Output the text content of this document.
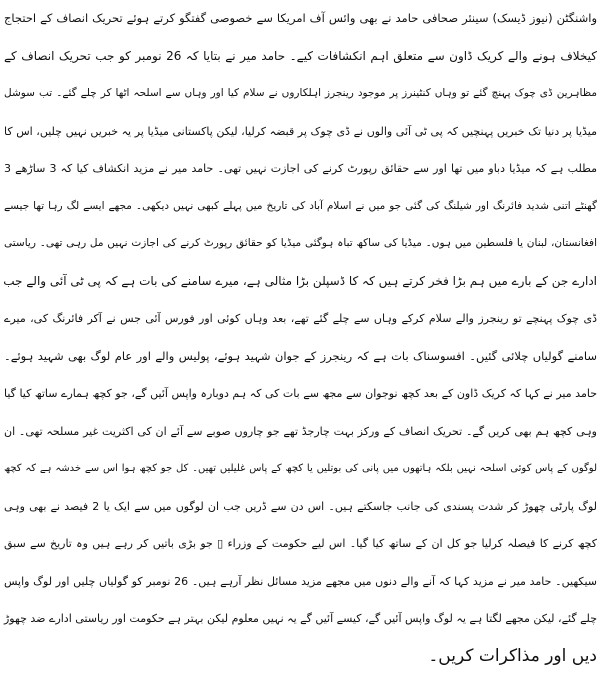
واشنگٹن (نیوز ڈیسک) سینئر صحافی حامد نے بھی وائس آف امریکا سے خصوصی گفتگو کرتے ہوئے تحریک انصاف کے احتجاج
کیخلاف ہونے والے کریک ڈاون سے متعلق اہم انکشافات کیے۔ حامد میر نے بتایا کہ 26 نومبر کو جب تحریک انصاف کے
مظاہرین ڈی چوک پہنچ گئے تو وہاں کنٹینرز پر موجود رینجرز اہلکاروں نے سلام کیا اور وہاں سے اسلحہ اٹھا کر چلے گئے۔ تب سوشل
میڈیا پر دنیا تک خبریں پہنچیں کہ پی ٹی آئی والوں نے ڈی چوک پر قبضہ کرلیا، لیکن پاکستانی میڈیا پر یہ خبریں نہیں چلیں، اس کا
مطلب ہے کہ میڈیا دباو میں تھا اور سے حقائق رپورٹ کرنے کی اجازت نہیں تھی۔ حامد میر نے مزید انکشاف کیا کہ 3 ساڑھے 3
گھنٹے اتنی شدید فائرنگ اور شیلنگ کی گئی جو میں نے اسلام آباد کی تاریخ میں پہلے کبھی نہیں دیکھی۔ مجھے ایسے لگ رہا تھا جیسے
افغانستان، لبنان یا فلسطین میں ہوں۔ میڈیا کی ساکھ تباہ ہوگئی میڈیا کو حقائق رپورٹ کرنے کی اجازت نہیں مل رہی تھی۔ ریاستی
ادارے جن کے بارے میں ہم بڑا فخر کرتے ہیں کہ کا ڈسپلن بڑا مثالی ہے، میرے سامنے کی بات ہے کہ پی ٹی آئی والے جب
ڈی چوک پہنچے تو رینجرز والے سلام کرکے وہاں سے چلے گئے تھے، بعد وہاں کوئی اور فورس آئی جس نے آکر فائرنگ کی، میرے
سامنے گولیاں چلائی گئیں۔ افسوسناک بات ہے کہ رینجرز کے جوان شہید ہوئے، پولیس والے اور عام لوگ بھی شہید ہوئے۔
حامد میر نے کہا کہ کریک ڈاون کے بعد کچھ نوجوان سے مجھ سے بات کی کہ ہم دوبارہ واپس آئیں گے، جو کچھ ہمارے ساتھ کیا گیا
وہی کچھ ہم بھی کریں گے۔ تحریک انصاف کے ورکز بہت چارجڈ تھے جو چاروں صوبے سے آئے ان کی اکثریت غیر مسلحہ تھی۔ ان
لوگوں کے پاس کوئی اسلحہ نہیں بلکہ ہاتھوں میں پانی کی بوتلیں یا کچھ کے پاس غلیلیں تھیں۔ کل جو کچھ ہوا اس سے خدشہ ہے کہ کچھ
لوگ پارٹی چھوڑ کر شدت پسندی کی جانب جاسکتے ہیں۔ اس دن سے ڈریں جب ان لوگوں میں سے ایک یا 2 فیصد نے بھی وہی
کچھ کرنے کا فیصلہ کرلیا جو کل ان کے ساتھ کیا گیا۔ اس لیے حکومت کے وزراء ▯ جو بڑی باتیں کر رہے ہیں وہ تاریخ سے سبق
سیکھیں۔ حامد میر نے مزید کہا کہ آنے والے دنوں میں مجھے مزید مسائل نظر آرہے ہیں۔ 26 نومبر کو گولیاں چلیں اور لوگ واپس
چلے گئے، لیکن مجھے لگتا ہے یہ لوگ واپس آئیں گے، کیسے آئیں گے یہ نہیں معلوم لیکن بہتر ہے حکومت اور ریاستی ادارے ضد چھوڑ
دیں اور مذاکرات کریں۔
